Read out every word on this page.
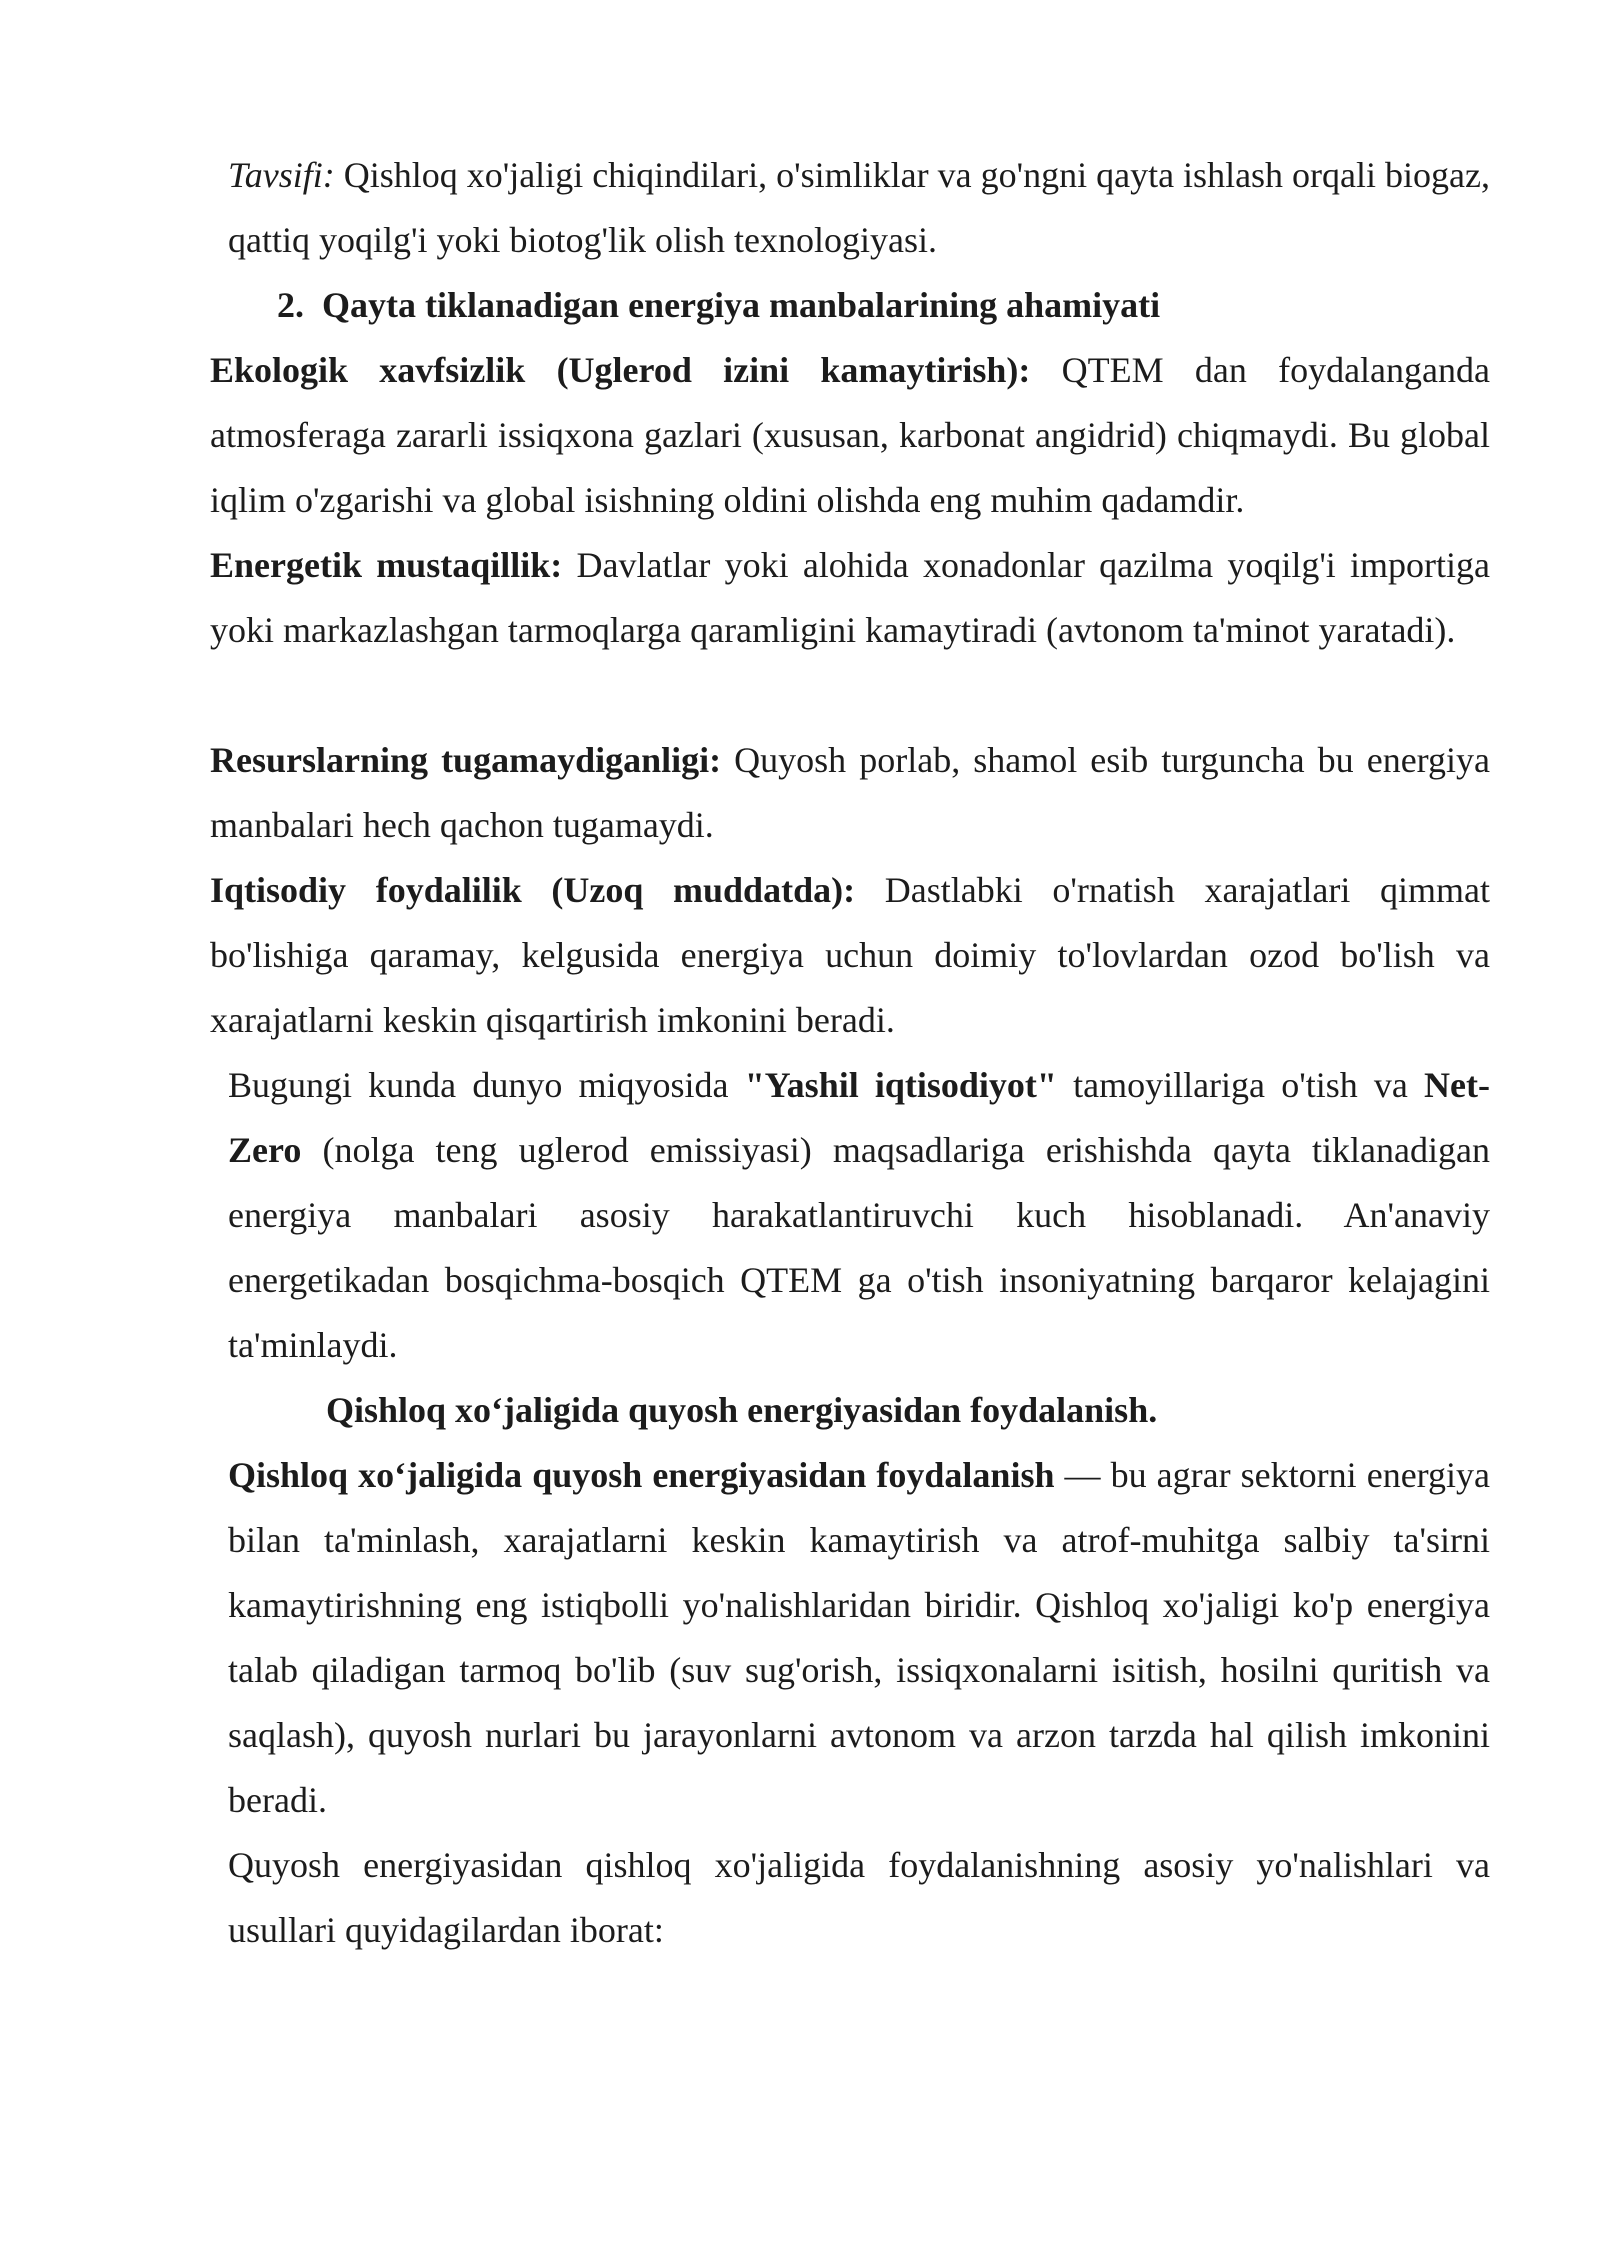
Tavsifi: Qishloq xo'jaligi chiqindilari, o'simliklar va go'ngni qayta ishlash orqali biogaz, qattiq yoqilg'i yoki biotog'lik olish texnologiyasi.

2. Qayta tiklanadigan energiya manbalarining ahamiyati

Ekologik xavfsizlik (Uglerod izini kamaytirish): QTEM dan foydalanganda atmosferaga zararli issiqxona gazlari (xususan, karbonat angidrid) chiqmaydi. Bu global iqlim o'zgarishi va global isishning oldini olishda eng muhim qadamdir.

Energetik mustaqillik: Davlatlar yoki alohida xonadonlar qazilma yoqilg'i importiga yoki markazlashgan tarmoqlarga qaramligini kamaytiradi (avtonom ta'minot yaratadi).

Resurslarning tugamaydiganligi: Quyosh porlab, shamol esib turguncha bu energiya manbalari hech qachon tugamaydi.

Iqtisodiy foydalilik (Uzoq muddatda): Dastlabki o'rnatish xarajatlari qimmat bo'lishiga qaramay, kelgusida energiya uchun doimiy to'lovlardan ozod bo'lish va xarajatlarni keskin qisqartirish imkonini beradi.

Bugungi kunda dunyo miqyosida "Yashil iqtisodiyot" tamoyillariga o'tish va Net-Zero (nolga teng uglerod emissiyasi) maqsadlariga erishishda qayta tiklanadigan energiya manbalari asosiy harakatlantiruvchi kuch hisoblanadi. An'anaviy energetikadan bosqichma-bosqich QTEM ga o'tish insoniyatning barqaror kelajagini ta'minlaydi.

Qishloq xo‘jaligida quyosh energiyasidan foydalanish.

Qishloq xo‘jaligida quyosh energiyasidan foydalanish — bu agrar sektorni energiya bilan ta'minlash, xarajatlarni keskin kamaytirish va atrof-muhitga salbiy ta'sirni kamaytirishning eng istiqbolli yo'nalishlaridan biridir. Qishloq xo'jaligi ko'p energiya talab qiladigan tarmoq bo'lib (suv sug'orish, issiqxonalarni isitish, hosilni quritish va saqlash), quyosh nurlari bu jarayonlarni avtonom va arzon tarzda hal qilish imkonini beradi.

Quyosh energiyasidan qishloq xo'jaligida foydalanishning asosiy yo'nalishlari va usullari quyidagilardan iborat:
